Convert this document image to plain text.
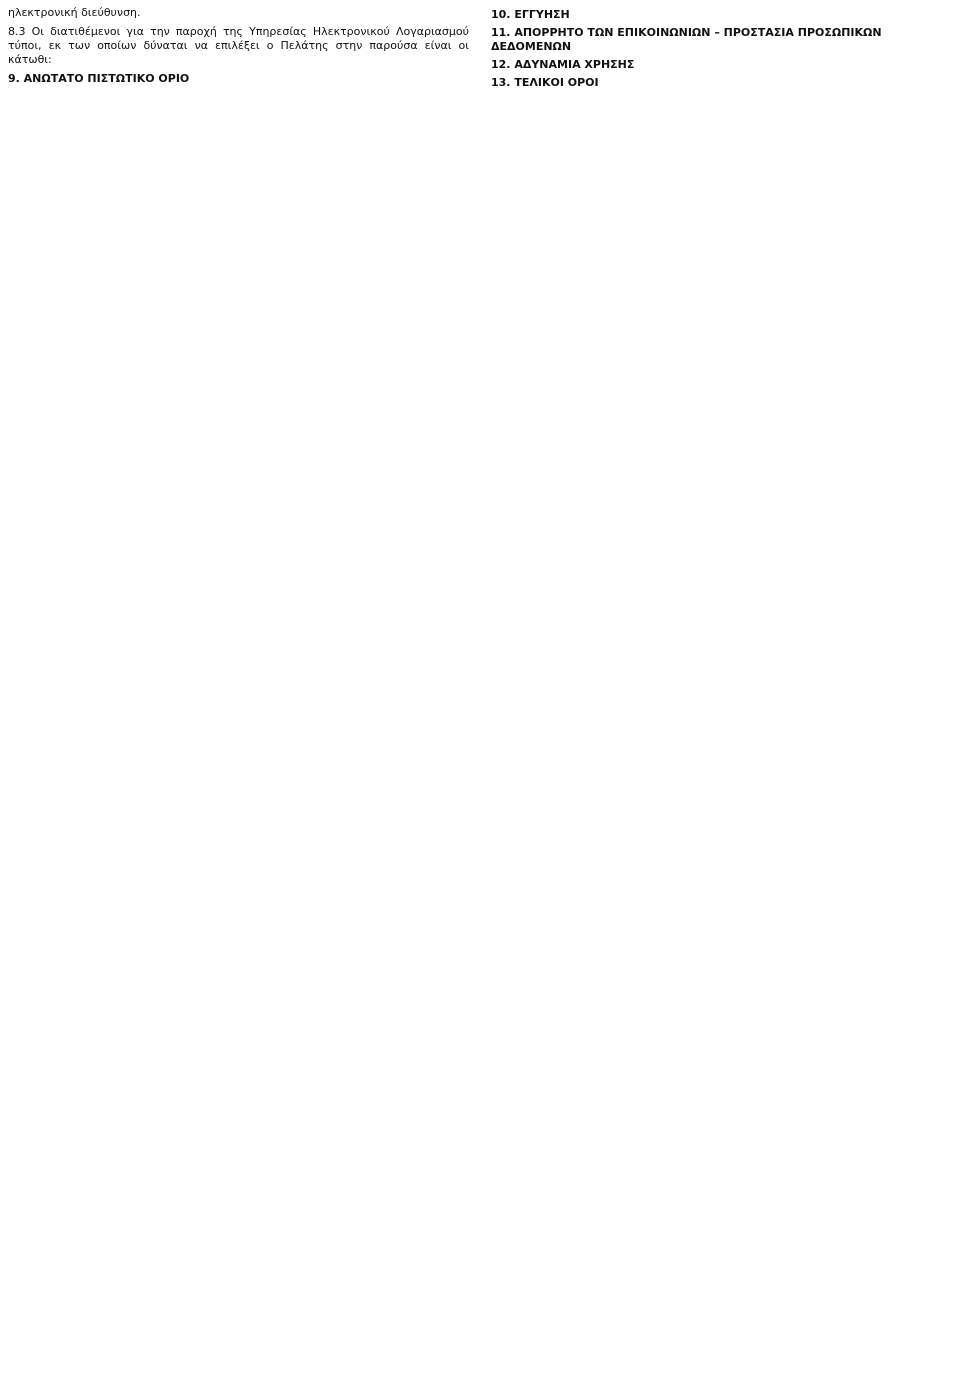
ηλεκτρονική διεύθυνση.

8.3 Οι διατιθέμενοι για την παροχή της Υπηρεσίας Ηλεκτρονικού Λογαριασμού τύποι, εκ των οποίων δύναται να επιλέξει ο Πελάτης στην παρούσα είναι οι κάτωθι:

9. ΑΝΩΤΑΤΟ ΠΙΣΤΩΤΙΚΟ ΟΡΙΟ
10. ΕΓΓΥΗΣΗ
11. ΑΠΟΡΡΗΤΟ ΤΩΝ ΕΠΙΚΟΙΝΩΝΙΩΝ – ΠΡΟΣΤΑΣΙΑ ΠΡΟΣΩΠΙΚΩΝ ΔΕΔΟΜΕΝΩΝ
12. ΑΔΥΝΑΜΙΑ ΧΡΗΣΗΣ
13. ΤΕΛΙΚΟΙ ΟΡΟΙ
